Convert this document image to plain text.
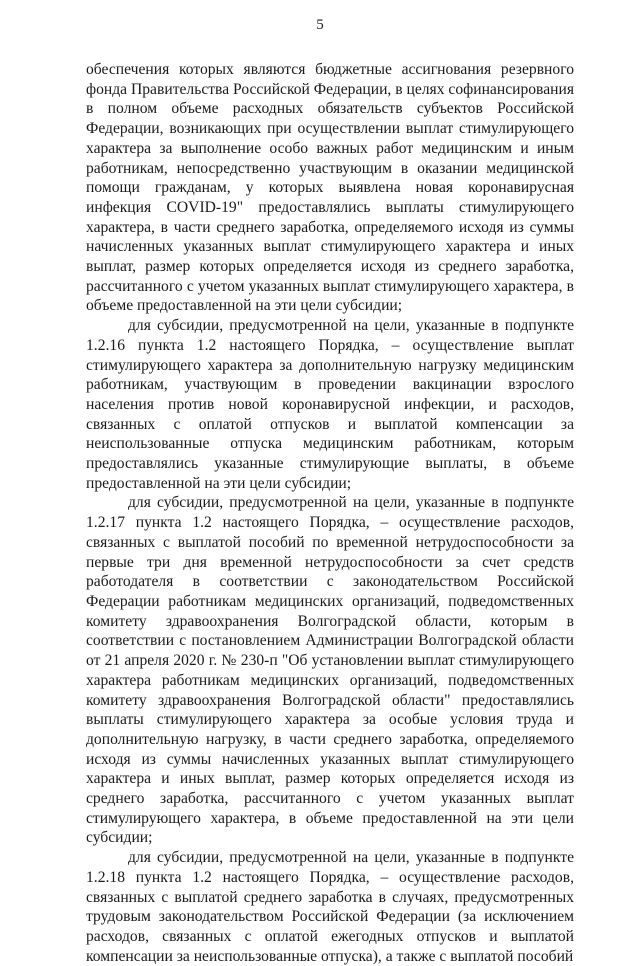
5

обеспечения которых являются бюджетные ассигнования резервного фонда Правительства Российской Федерации, в целях софинансирования в полном объеме расходных обязательств субъектов Российской Федерации, возникающих при осуществлении выплат стимулирующего характера за выполнение особо важных работ медицинским и иным работникам, непосредственно участвующим в оказании медицинской помощи гражданам, у которых выявлена новая коронавирусная инфекция COVID-19" предоставлялись выплаты стимулирующего характера, в части среднего заработка, определяемого исходя из суммы начисленных указанных выплат стимулирующего характера и иных выплат, размер которых определяется исходя из среднего заработка, рассчитанного с учетом указанных выплат стимулирующего характера, в объеме предоставленной на эти цели субсидии;

для субсидии, предусмотренной на цели, указанные в подпункте 1.2.16 пункта 1.2 настоящего Порядка, – осуществление выплат стимулирующего характера за дополнительную нагрузку медицинским работникам, участвующим в проведении вакцинации взрослого населения против новой коронавирусной инфекции, и расходов, связанных с оплатой отпусков и выплатой компенсации за неиспользованные отпуска медицинским работникам, которым предоставлялись указанные стимулирующие выплаты, в объеме предоставленной на эти цели субсидии;

для субсидии, предусмотренной на цели, указанные в подпункте 1.2.17 пункта 1.2 настоящего Порядка, – осуществление расходов, связанных с выплатой пособий по временной нетрудоспособности за первые три дня временной нетрудоспособности за счет средств работодателя в соответствии с законодательством Российской Федерации работникам медицинских организаций, подведомственных комитету здравоохранения Волгоградской области, которым в соответствии с постановлением Администрации Волгоградской области от 21 апреля 2020 г. № 230-п "Об установлении выплат стимулирующего характера работникам медицинских организаций, подведомственных комитету здравоохранения Волгоградской области" предоставлялись выплаты стимулирующего характера за особые условия труда и дополнительную нагрузку, в части среднего заработка, определяемого исходя из суммы начисленных указанных выплат стимулирующего характера и иных выплат, размер которых определяется исходя из среднего заработка, рассчитанного с учетом указанных выплат стимулирующего характера, в объеме предоставленной на эти цели субсидии;

для субсидии, предусмотренной на цели, указанные в подпункте 1.2.18 пункта 1.2 настоящего Порядка, – осуществление расходов, связанных с выплатой среднего заработка в случаях, предусмотренных трудовым законодательством Российской Федерации (за исключением расходов, связанных с оплатой ежегодных отпусков и выплатой компенсации за неиспользованные отпуска), а также с выплатой пособий
